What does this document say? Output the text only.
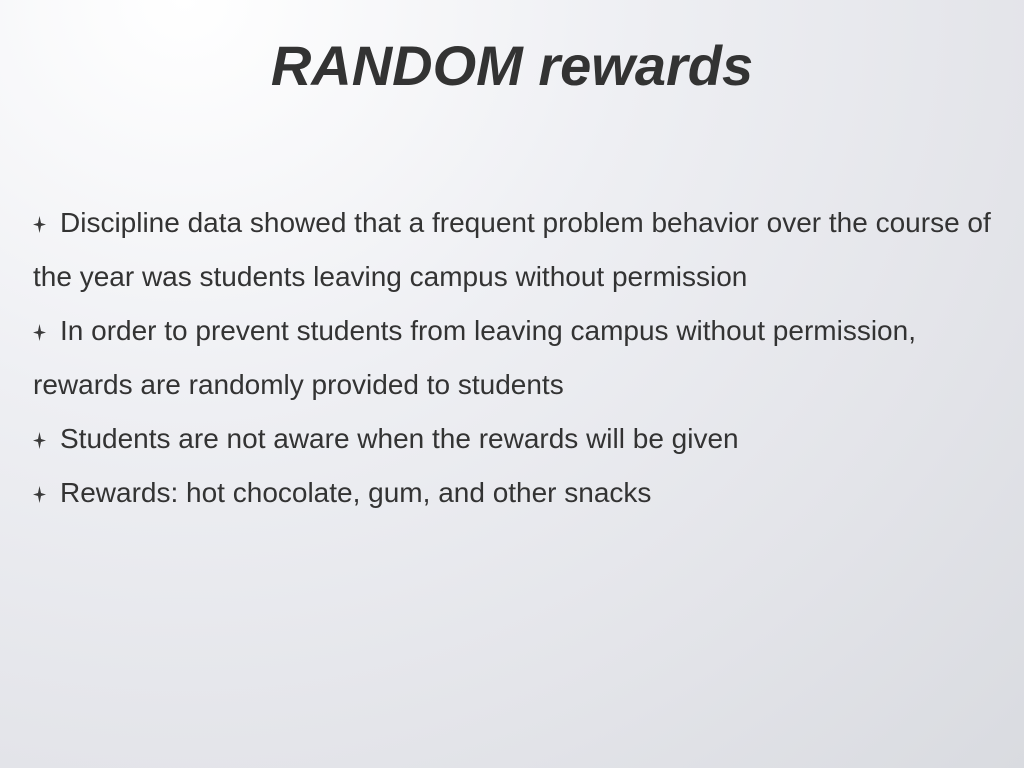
RANDOM rewards
Discipline data showed that a frequent problem behavior over the course of the year was students leaving campus without permission
In order to prevent students from leaving campus without permission, rewards are randomly provided to students
Students are not aware when the rewards will be given
Rewards: hot chocolate, gum, and other snacks
